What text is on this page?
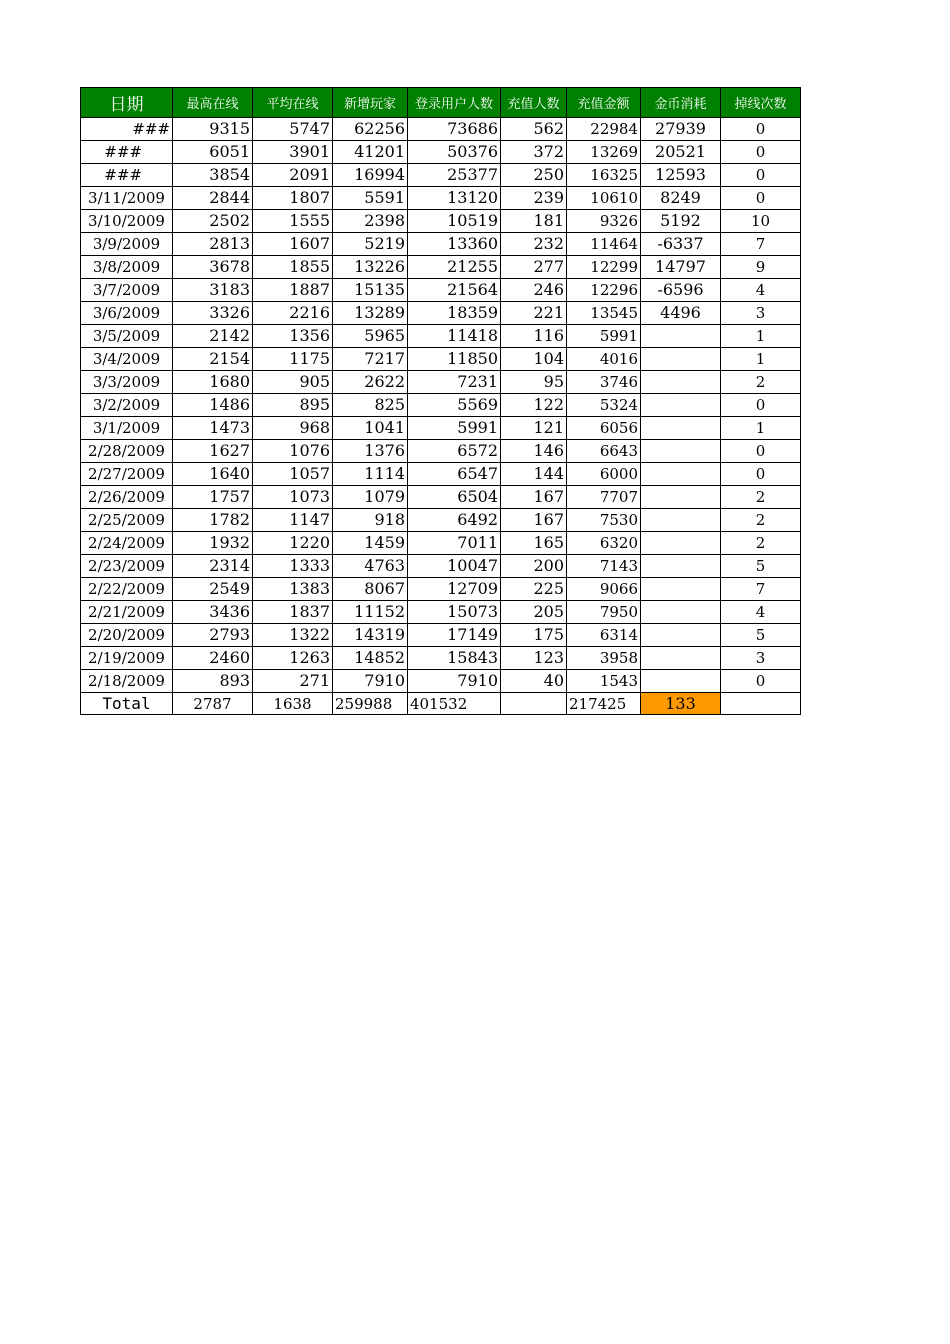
日期	最高在线	平均在线	新增玩家	登录用户人数	充值人数	充值金额	金币消耗	掉线次数
###	9315	5747	62256	73686	562	22984	27939	0
###	6051	3901	41201	50376	372	13269	20521	0
###	3854	2091	16994	25377	250	16325	12593	0
3/11/2009	2844	1807	5591	13120	239	10610	8249	0
3/10/2009	2502	1555	2398	10519	181	9326	5192	10
3/9/2009	2813	1607	5219	13360	232	11464	-6337	7
3/8/2009	3678	1855	13226	21255	277	12299	14797	9
3/7/2009	3183	1887	15135	21564	246	12296	-6596	4
3/6/2009	3326	2216	13289	18359	221	13545	4496	3
3/5/2009	2142	1356	5965	11418	116	5991		1
3/4/2009	2154	1175	7217	11850	104	4016		1
3/3/2009	1680	905	2622	7231	95	3746		2
3/2/2009	1486	895	825	5569	122	5324		0
3/1/2009	1473	968	1041	5991	121	6056		1
2/28/2009	1627	1076	1376	6572	146	6643		0
2/27/2009	1640	1057	1114	6547	144	6000		0
2/26/2009	1757	1073	1079	6504	167	7707		2
2/25/2009	1782	1147	918	6492	167	7530		2
2/24/2009	1932	1220	1459	7011	165	6320		2
2/23/2009	2314	1333	4763	10047	200	7143		5
2/22/2009	2549	1383	8067	12709	225	9066		7
2/21/2009	3436	1837	11152	15073	205	7950		4
2/20/2009	2793	1322	14319	17149	175	6314		5
2/19/2009	2460	1263	14852	15843	123	3958		3
2/18/2009	893	271	7910	7910	40	1543		0
Total	2787	1638	259988	401532		217425	133	
